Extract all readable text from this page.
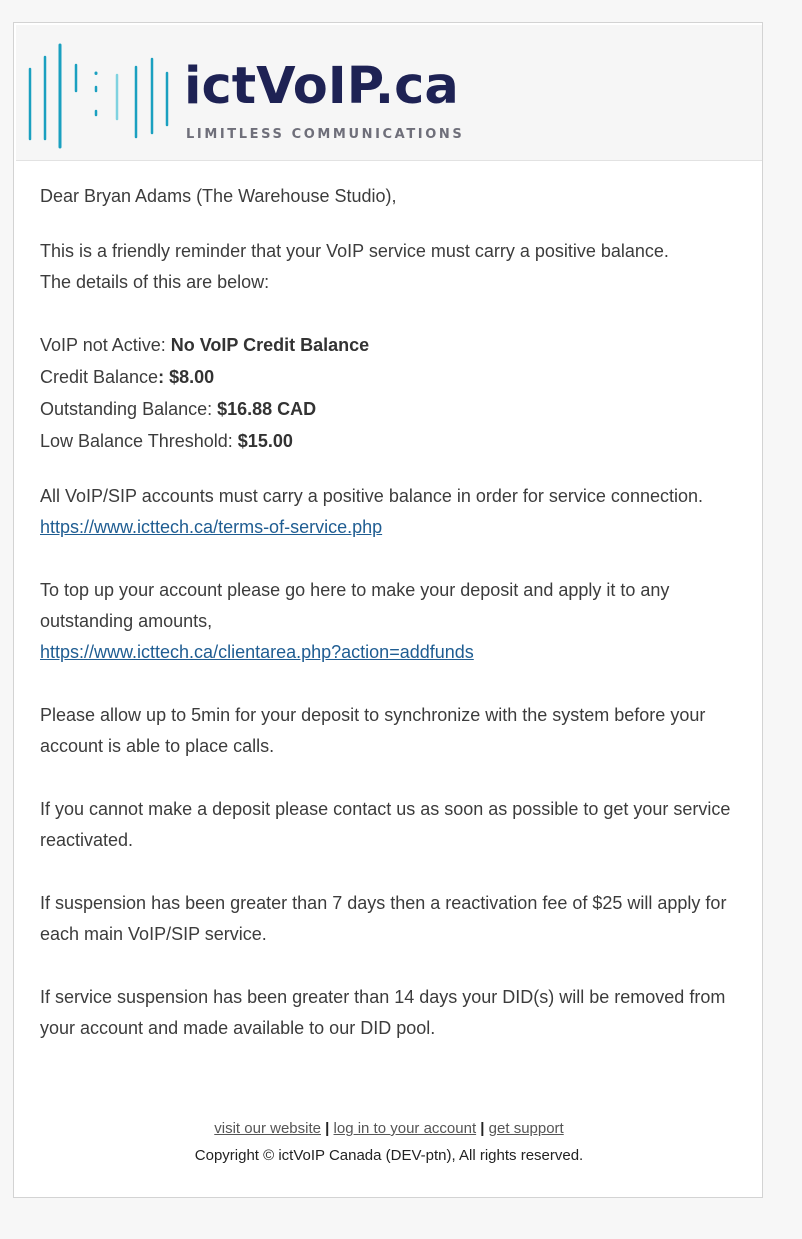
ictVoIP.ca
LIMITLESS COMMUNICATIONS

Dear Bryan Adams (The Warehouse Studio),

This is a friendly reminder that your VoIP service must carry a positive balance.

The details of this are below:

VoIP not Active: No VoIP Credit Balance

Credit Balance: $8.00

Outstanding Balance: $16.88 CAD

Low Balance Threshold: $15.00

All VoIP/SIP accounts must carry a positive balance in order for service connection.

https://www.icttech.ca/terms-of-service.php

To top up your account please go here to make your deposit and apply it to any outstanding amounts,

https://www.icttech.ca/clientarea.php?action=addfunds

Please allow up to 5min for your deposit to synchronize with the system before your account is able to place calls.

If you cannot make a deposit please contact us as soon as possible to get your service reactivated.

If suspension has been greater than 7 days then a reactivation fee of $25 will apply for each main VoIP/SIP service.

If service suspension has been greater than 14 days your DID(s) will be removed from your account and made available to our DID pool.

visit our website | log in to your account | get support
Copyright © ictVoIP Canada (DEV-ptn), All rights reserved.
